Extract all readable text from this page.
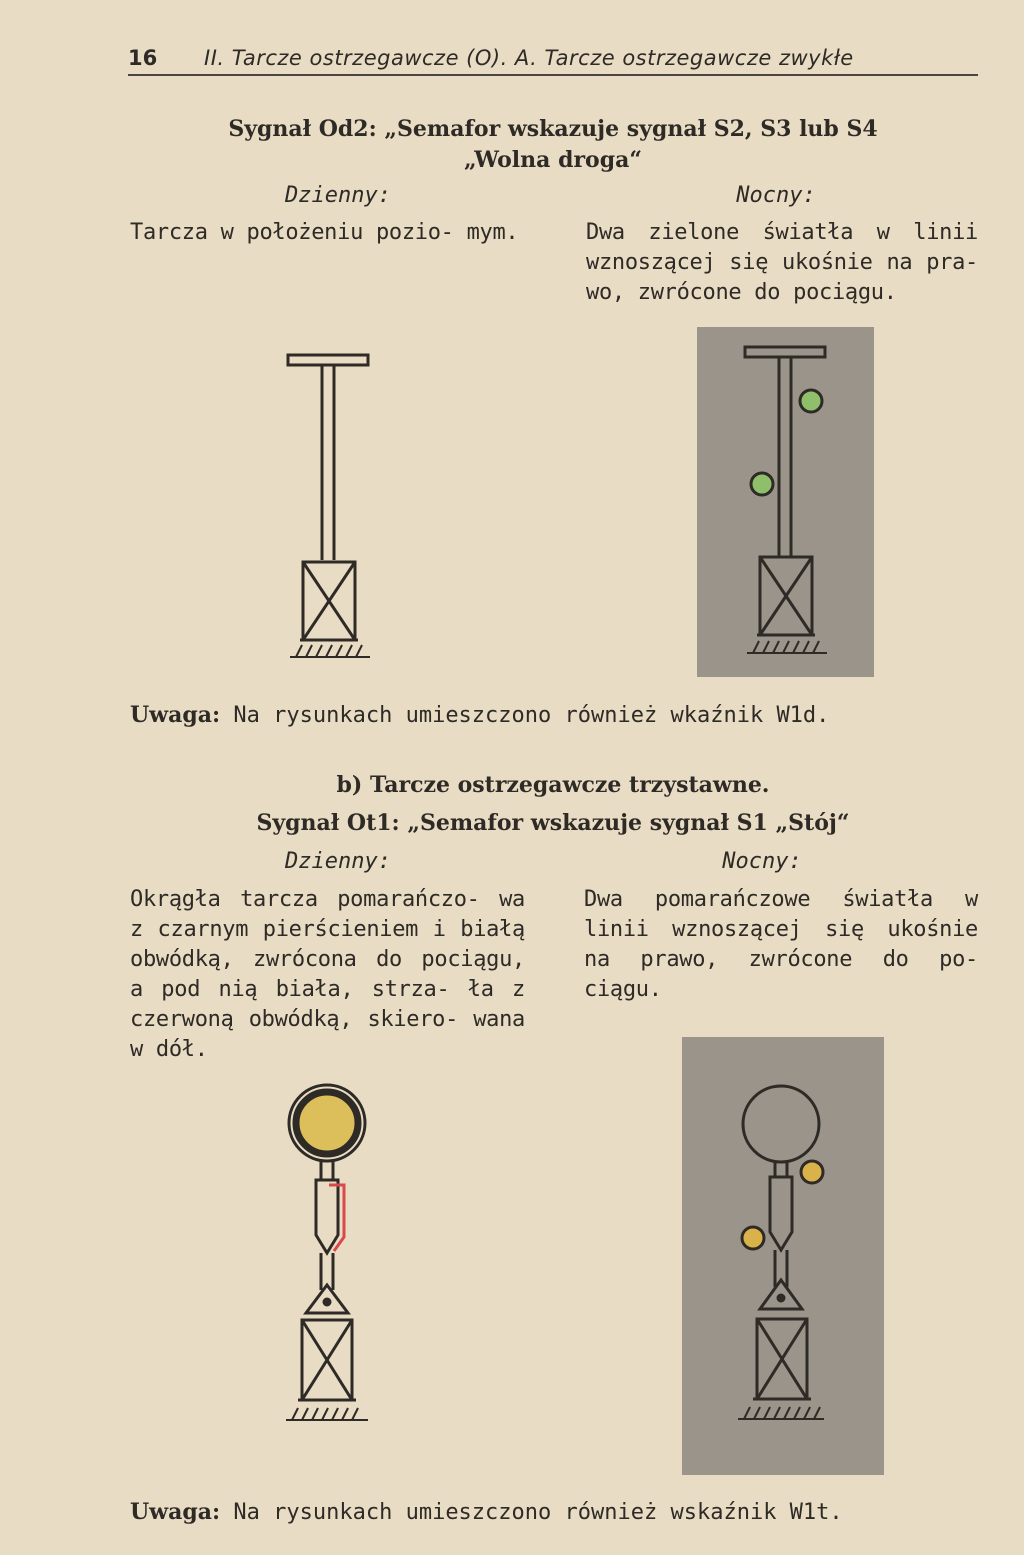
16 II. Tarcze ostrzegawcze (O). A. Tarcze ostrzegawcze zwykłe
Sygnał Od2: „Semafor wskazuje sygnał S2, S3 lub S4
„Wolna droga“
Dzienny:	Nocny:
Tarcza w położeniu pozio- mym.	Dwa zielone światła w linii wznoszącej się ukośnie na pra- wo, zwrócone do pociągu.
Uwaga: Na rysunkach umieszczono również wkaźnik W1d.
b) Tarcze ostrzegawcze trzystawne.
Sygnał Ot1: „Semafor wskazuje sygnał S1 „Stój“
Dzienny:	Nocny:
Okrągła tarcza pomarańczo- wa z czarnym pierścieniem i białą obwódką, zwrócona do pociągu, a pod nią biała, strza- ła z czerwoną obwódką, skiero- wana w dół.
Dwa pomarańczowe światła w linii wznoszącej się ukośnie na prawo, zwrócone do po- ciągu.
Uwaga: Na rysunkach umieszczono również wskaźnik W1t.
